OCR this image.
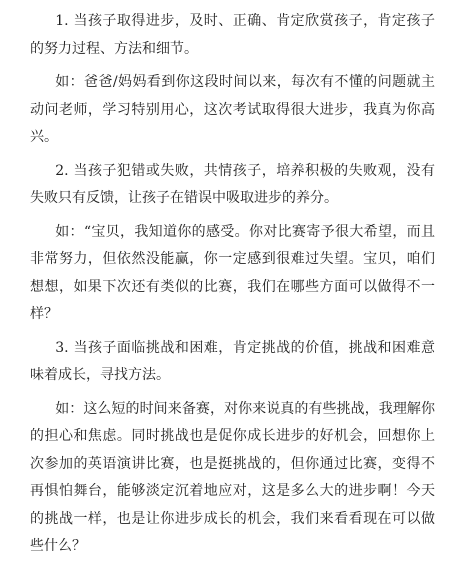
1. 当孩子取得进步，及时、正确、肯定欣赏孩子，肯定孩子的努力过程、方法和细节。

如：爸爸/妈妈看到你这段时间以来，每次有不懂的问题就主动问老师，学习特别用心，这次考试取得很大进步，我真为你高兴。

2. 当孩子犯错或失败，共情孩子，培养积极的失败观，没有失败只有反馈，让孩子在错误中吸取进步的养分。

如：“宝贝，我知道你的感受。你对比赛寄予很大希望，而且非常努力，但依然没能赢，你一定感到很难过失望。宝贝，咱们想想，如果下次还有类似的比赛，我们在哪些方面可以做得不一样？

3. 当孩子面临挑战和困难，肯定挑战的价值，挑战和困难意味着成长，寻找方法。

如：这么短的时间来备赛，对你来说真的有些挑战，我理解你的担心和焦虑。同时挑战也是促你成长进步的好机会，回想你上次参加的英语演讲比赛，也是挺挑战的，但你通过比赛，变得不再惧怕舞台，能够淡定沉着地应对，这是多么大的进步啊！今天的挑战一样，也是让你进步成长的机会，我们来看看现在可以做些什么？
